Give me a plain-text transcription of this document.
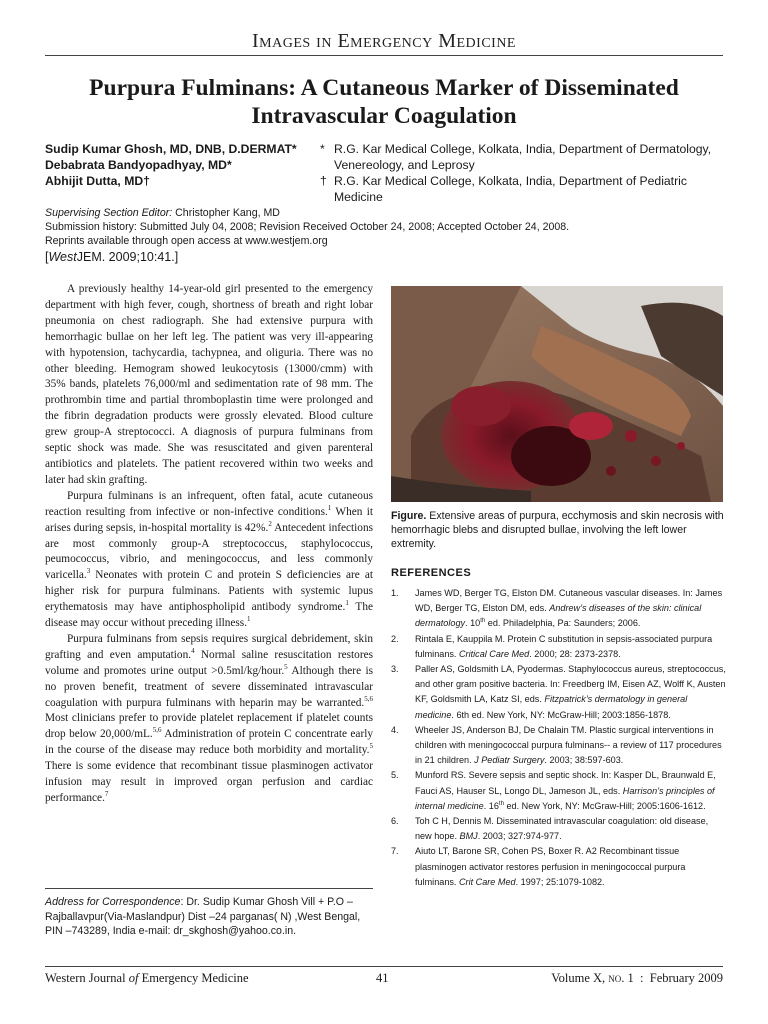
Images in Emergency Medicine
Purpura Fulminans: A Cutaneous Marker of Disseminated Intravascular Coagulation
Sudip Kumar Ghosh, MD, DNB, D.DERMAT*
Debabrata Bandyopadhyay, MD*
Abhijit Dutta, MD†
* R.G. Kar Medical College, Kolkata, India, Department of Dermatology, Venereology, and Leprosy
† R.G. Kar Medical College, Kolkata, India, Department of Pediatric Medicine
Supervising Section Editor: Christopher Kang, MD
Submission history: Submitted July 04, 2008; Revision Received October 24, 2008; Accepted October 24, 2008.
Reprints available through open access at www.westjem.org
[WestJEM. 2009;10:41.]

A previously healthy 14-year-old girl presented to the emergency department with high fever, cough, shortness of breath and right lobar pneumonia on chest radiograph. She had extensive purpura with hemorrhagic bullae on her left leg. The patient was very ill-appearing with hypotension, tachycardia, tachypnea, and oliguria. There was no other bleeding. Hemogram showed leukocytosis (13000/cmm) with 35% bands, platelets 76,000/ml and sedimentation rate of 98 mm. The prothrombin time and partial thromboplastin time were prolonged and the fibrin degradation products were grossly elevated. Blood culture grew group-A streptococci. A diagnosis of purpura fulminans from septic shock was made. She was resuscitated and given parenteral antibiotics and platelets. The patient recovered within two weeks and later had skin grafting.

Purpura fulminans is an infrequent, often fatal, acute cutaneous reaction resulting from infective or non-infective conditions.$^1$ When it arises during sepsis, in-hospital mortality is 42%.$^2$ Antecedent infections are most commonly group-A streptococcus, staphylococcus, peumococcus, vibrio, and meningococcus, and less commonly varicella.$^3$ Neonates with protein C and protein S deficiencies are at higher risk for purpura fulminans. Patients with systemic lupus erythematosis may have antiphospholipid antibody syndrome.$^1$ The disease may occur without preceding illness.$^1$

Purpura fulminans from sepsis requires surgical debridement, skin grafting and even amputation.$^4$ Normal saline resuscitation restores volume and promotes urine output >0.5ml/kg/hour.$^5$ Although there is no proven benefit, treatment of severe disseminated intravascular coagulation with purpura fulminans with heparin may be warranted.$^{5,6}$ Most clinicians prefer to provide platelet replacement if platelet counts drop below 20,000/mL.$^{5,6}$ Administration of protein C concentrate early in the course of the disease may reduce both morbidity and mortality.$^5$ There is some evidence that recombinant tissue plasminogen activator infusion may result in improved organ perfusion and cardiac performance.$^7$

Address for Correspondence: Dr. Sudip Kumar Ghosh Vill + P.O –Rajballavpur(Via-Maslandpur) Dist –24 parganas( N) ,West Bengal, PIN –743289, India e-mail: dr_skghosh@yahoo.co.in.
Figure. Extensive areas of purpura, ecchymosis and skin necrosis with hemorrhagic blebs and disrupted bullae, involving the left lower extremity.
REFERENCES
1.	James WD, Berger TG, Elston DM. Cutaneous vascular diseases. In: James WD, Berger TG, Elston DM, eds. Andrew’s diseases of the skin: clinical dermatology. 10th ed. Philadelphia, Pa: Saunders; 2006.
2.	Rintala E, Kauppila M. Protein C substitution in sepsis-associated purpura fulminans. Critical Care Med. 2000; 28: 2373-2378.
3.	Paller AS, Goldsmith LA, Pyodermas. Staphylococcus aureus, streptococcus, and other gram positive bacteria. In: Freedberg IM, Eisen AZ, Wolff K, Austen KF, Goldsmith LA, Katz SI, eds. Fitzpatrick’s dermatology in general medicine. 6th ed. New York, NY: McGraw-Hill; 2003:1856-1878.
4.	Wheeler JS, Anderson BJ, De Chalain TM. Plastic surgical interventions in children with meningococcal purpura fulminans-- a review of 117 procedures in 21 children. J Pediatr Surgery. 2003; 38:597-603.
5.	Munford RS. Severe sepsis and septic shock. In: Kasper DL, Braunwald E, Fauci AS, Hauser SL, Longo DL, Jameson JL, eds. Harrison’s principles of internal medicine. 16th ed. New York, NY: McGraw-Hill; 2005:1606-1612.
6.	Toh C H, Dennis M. Disseminated intravascular coagulation: old disease, new hope. BMJ. 2003; 327:974-977.
7.	Aiuto LT, Barone SR, Cohen PS, Boxer R. A2 Recombinant tissue plasminogen activator restores perfusion in meningococcal purpura fulminans. Crit Care Med. 1997; 25:1079-1082.
Western Journal of Emergency Medicine	41	Volume X, no. 1  :  February 2009
